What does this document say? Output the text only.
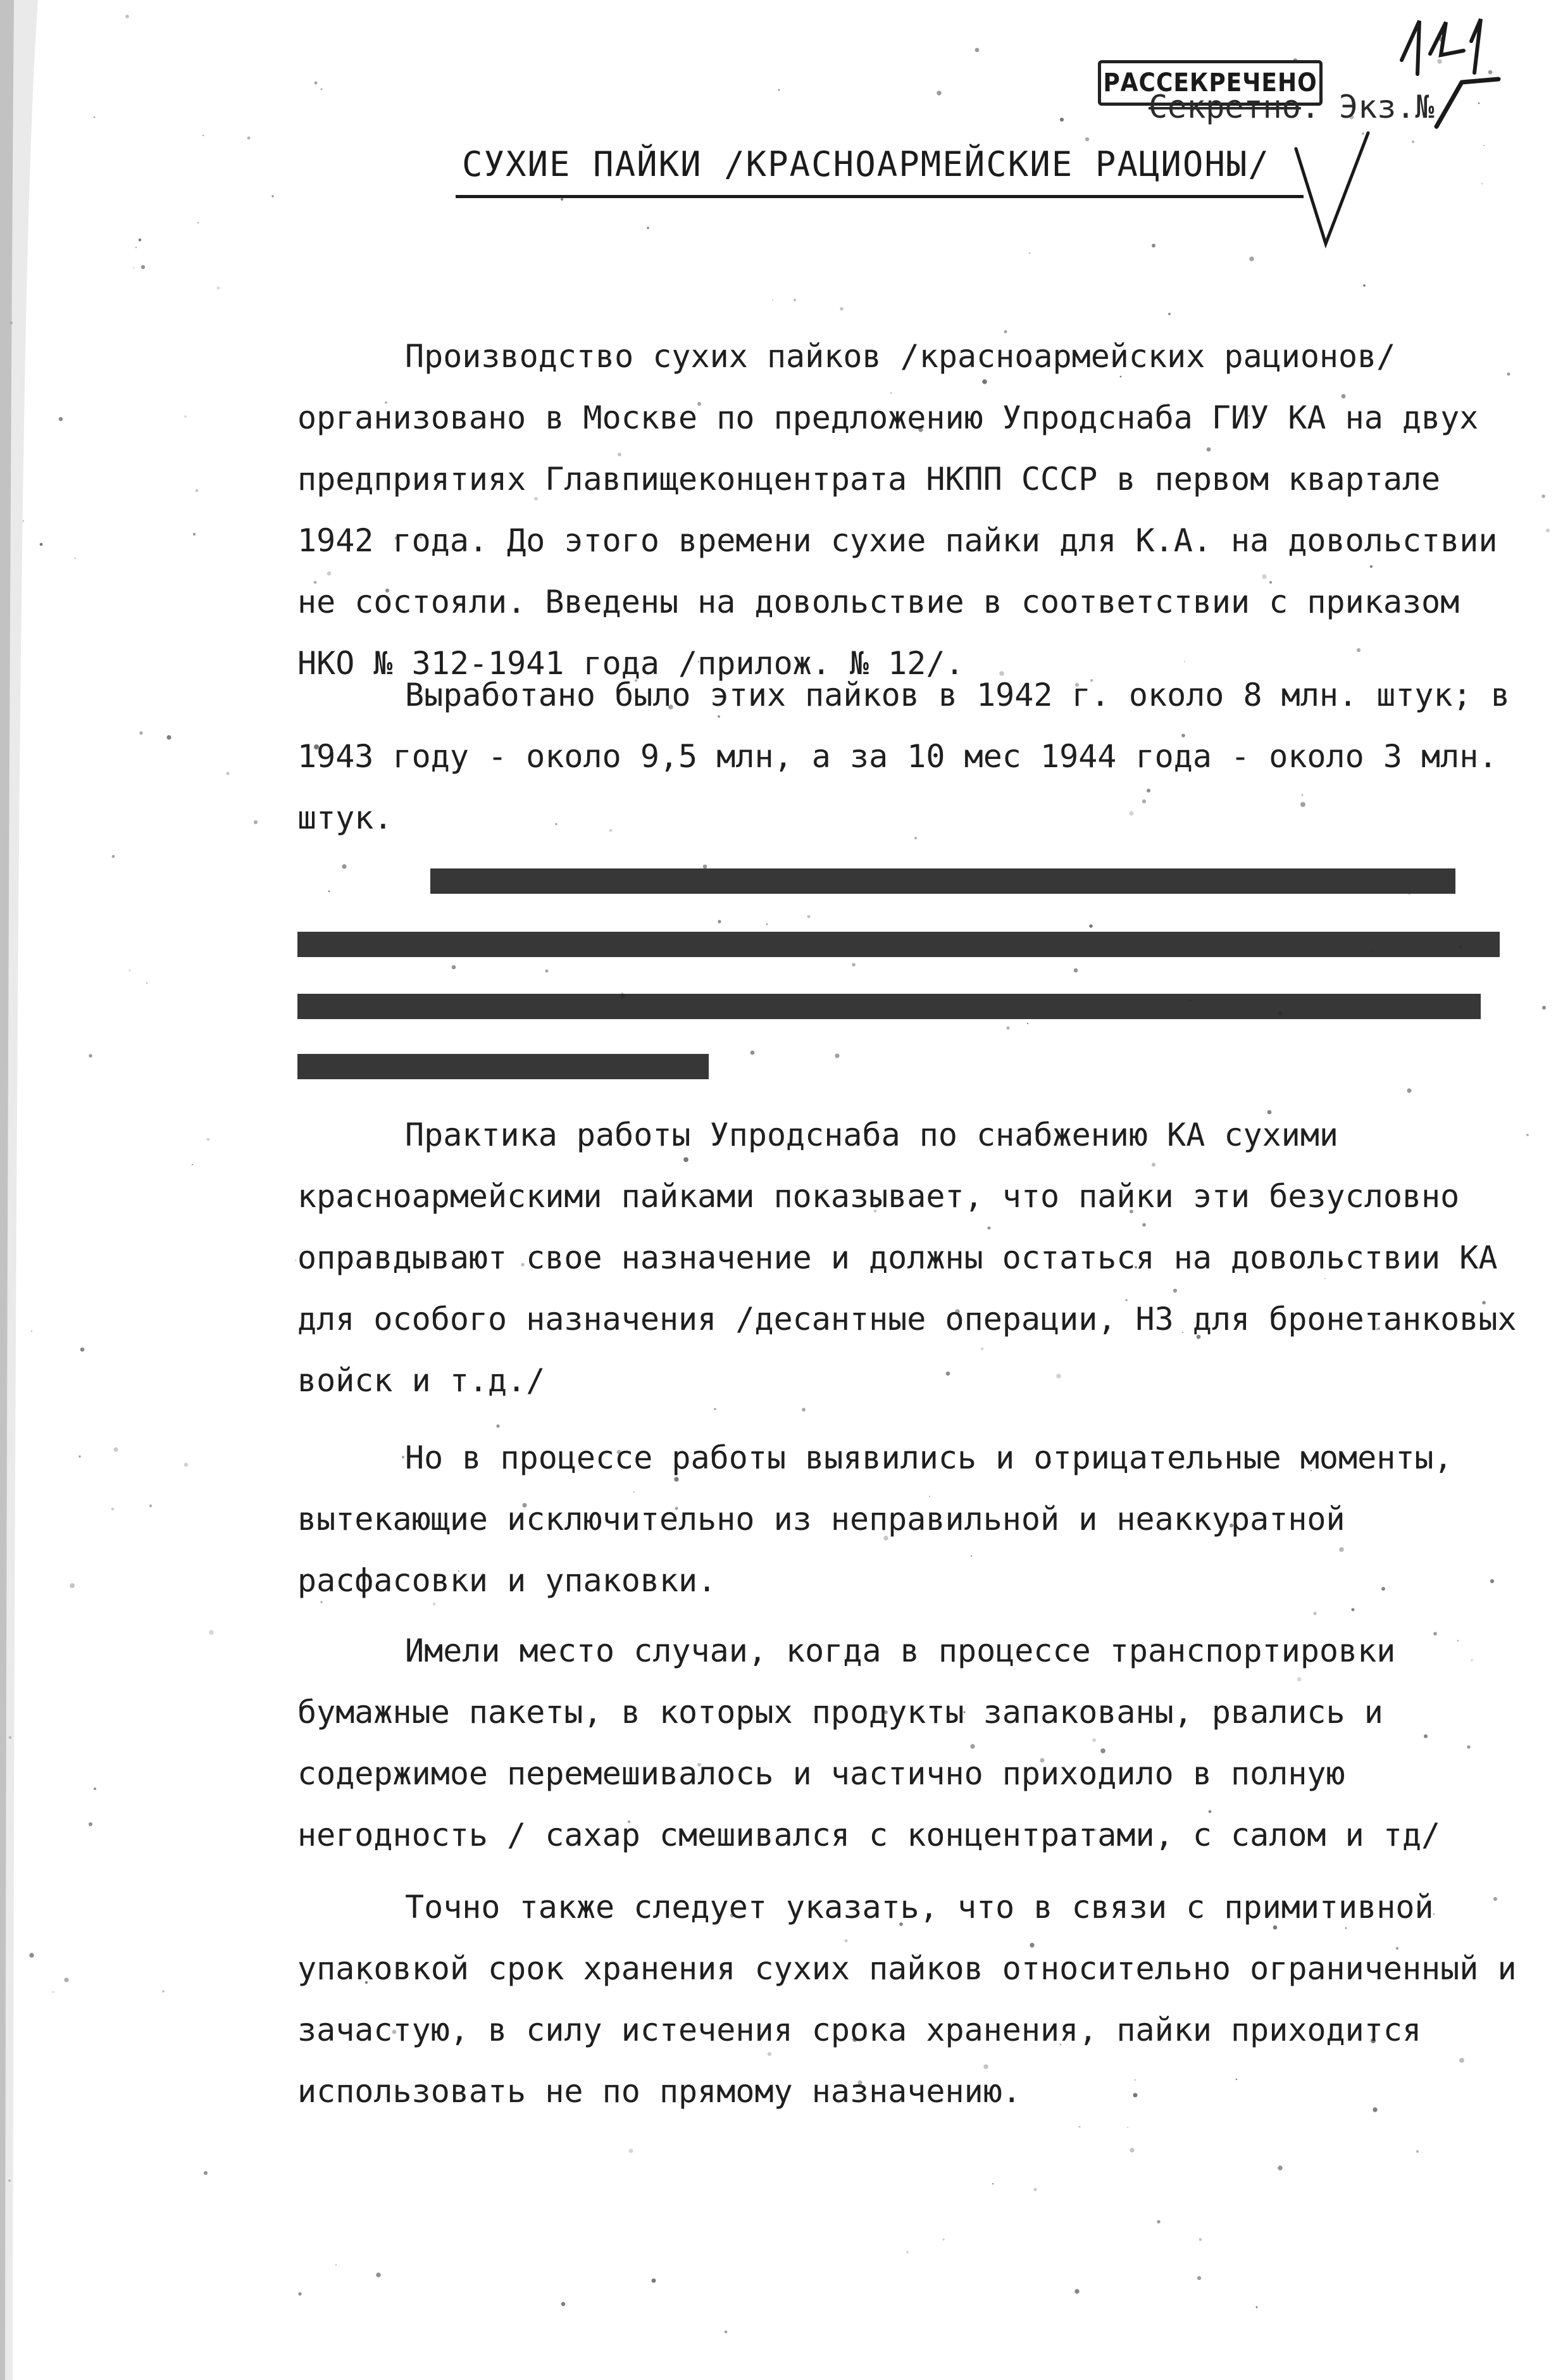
РАССЕКРЕЧЕНО
Секретно. Экз.№
СУХИЕ ПАЙКИ /КРАСНОАРМЕЙСКИЕ РАЦИОНЫ/

Производство сухих пайков /красноармейских рационов/ организовано в Москве по предложению Упродснаба ГИУ КА на двух предприятиях Главпищеконцентрата НКПП СССР в первом квартале 1942 года. До этого времени сухие пайки для К.А. на довольствии не состояли. Введены на довольствие в соответствии с приказом НКО № 312-1941 года /прилож. № 12/.

Выработано было этих пайков в 1942 г. около 8 млн. штук; в 1943 году - около 9,5 млн, а за 10 мес 1944 года - около 3 млн. штук.

Практика работы Упродснаба по снабжению КА сухими красноармейскими пайками показывает, что пайки эти безусловно оправдывают свое назначение и должны остаться на довольствии КА для особого назначения /десантные операции, НЗ для бронетанковых войск и т.д./

Но в процессе работы выявились и отрицательные моменты, вытекающие исключительно из неправильной и неаккуратной расфасовки и упаковки.

Имели место случаи, когда в процессе транспортировки бумажные пакеты, в которых продукты запакованы, рвались и содержимое перемешивалось и частично приходило в полную негодность / сахар смешивался с концентратами, с салом и тд/

Точно также следует указать, что в связи с примитивной упаковкой срок хранения сухих пайков относительно ограниченный и зачастую, в силу истечения срока хранения, пайки приходится использовать не по прямому назначению.
